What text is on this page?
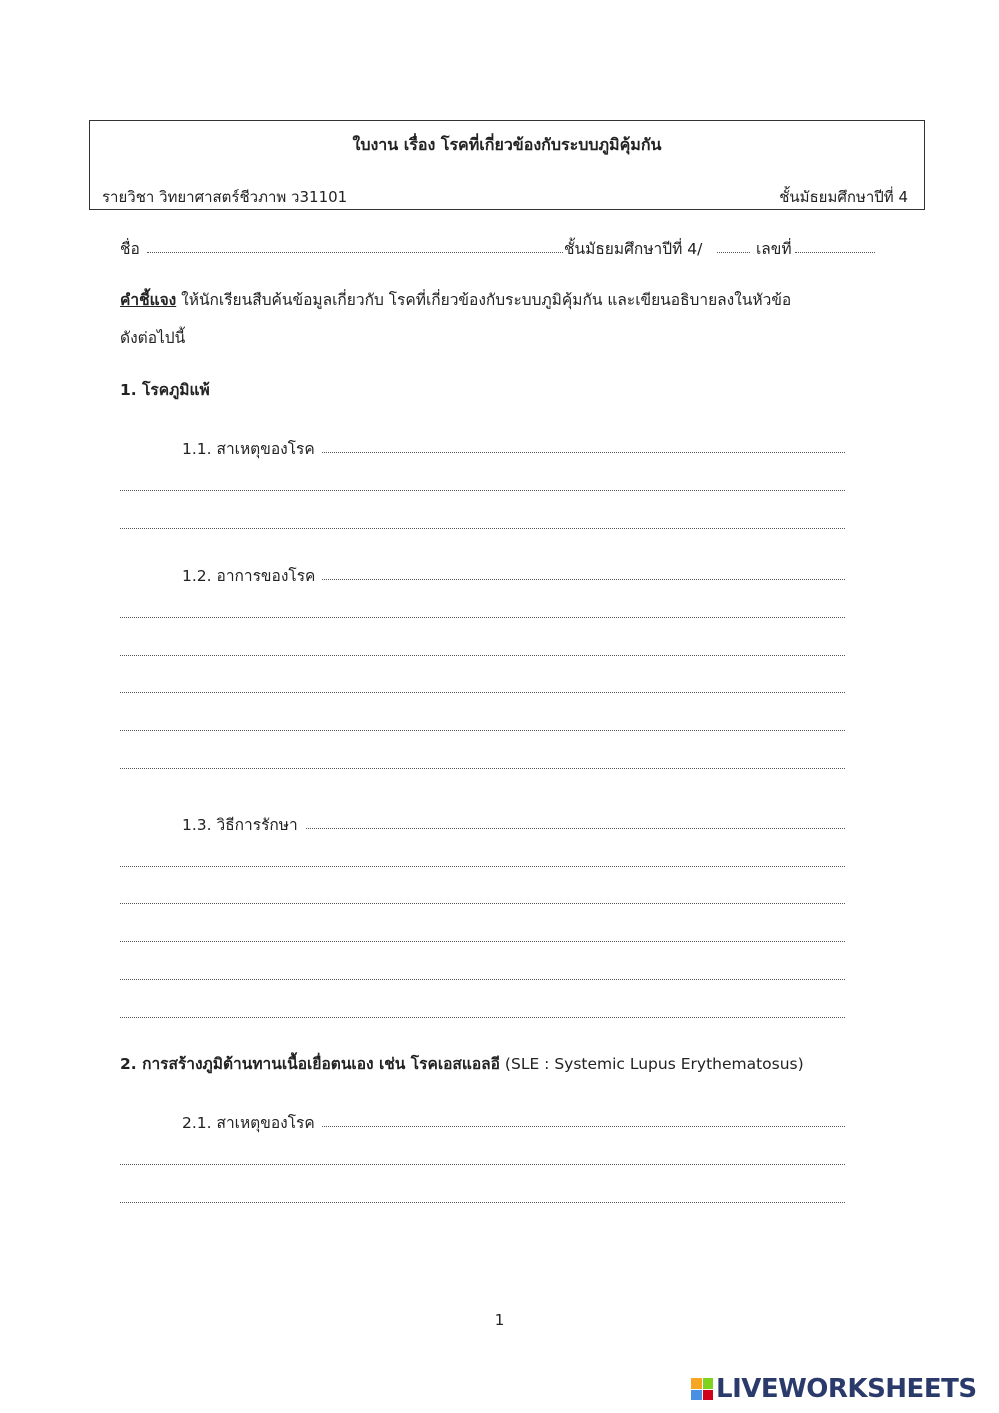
ใบงาน เรื่อง โรคที่เกี่ยวข้องกับระบบภูมิคุ้มกัน
รายวิชา วิทยาศาสตร์ชีวภาพ ว31101	ชั้นมัธยมศึกษาปีที่ 4
ชื่อ	ชั้นมัธยมศึกษาปีที่ 4/	เลขที่
คำชี้แจง ให้นักเรียนสืบค้นข้อมูลเกี่ยวกับ โรคที่เกี่ยวข้องกับระบบภูมิคุ้มกัน และเขียนอธิบายลงในหัวข้อ
ดังต่อไปนี้
1. โรคภูมิแพ้
1.1. สาเหตุของโรค
1.2. อาการของโรค
1.3. วิธีการรักษา
2. การสร้างภูมิต้านทานเนื้อเยื่อตนเอง เช่น โรคเอสแอลอี (SLE : Systemic Lupus Erythematosus)
2.1. สาเหตุของโรค
1
LIVEWORKSHEETS
